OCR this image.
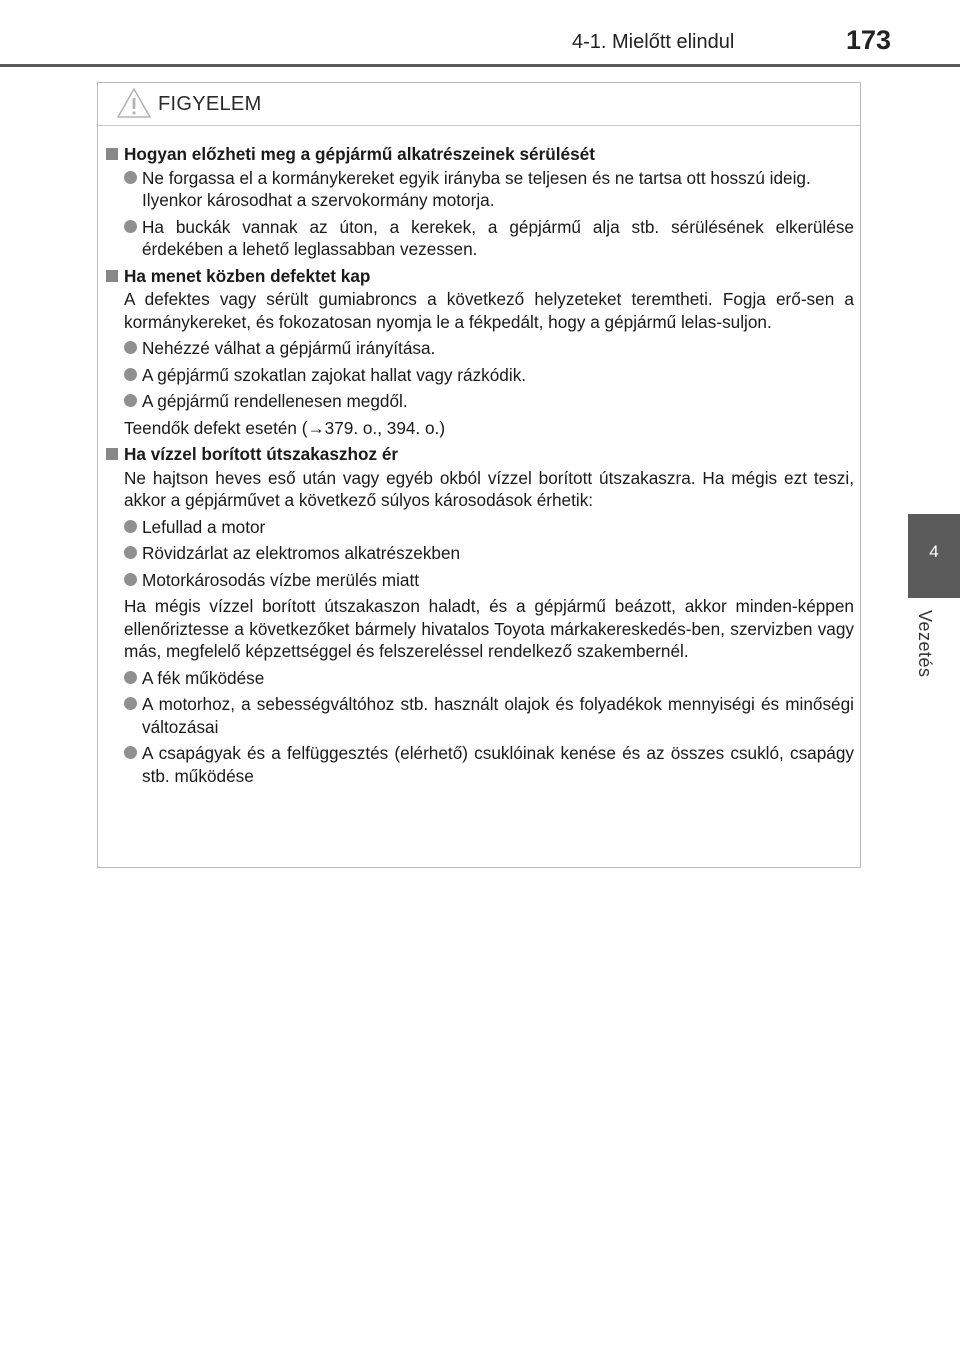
4-1. Mielőtt elindul	173
4
Vezetés
FIGYELEM
Hogyan előzheti meg a gépjármű alkatrészeinek sérülését
Ne forgassa el a kormánykereket egyik irányba se teljesen és ne tartsa ott hosszú ideig.
Ilyenkor károsodhat a szervokormány motorja.
Ha buckák vannak az úton, a kerekek, a gépjármű alja stb. sérülésének elkerülése érdekében a lehető leglassabban vezessen.
Ha menet közben defektet kap
A defektes vagy sérült gumiabroncs a következő helyzeteket teremtheti. Fogja erő-sen a kormánykereket, és fokozatosan nyomja le a fékpedált, hogy a gépjármű lelas-suljon.
Nehézzé válhat a gépjármű irányítása.
A gépjármű szokatlan zajokat hallat vagy rázkódik.
A gépjármű rendellenesen megdől.
Teendők defekt esetén (→379. o., 394. o.)
Ha vízzel borított útszakaszhoz ér
Ne hajtson heves eső után vagy egyéb okból vízzel borított útszakaszra. Ha mégis ezt teszi, akkor a gépjárművet a következő súlyos károsodások érhetik:
Lefullad a motor
Rövidzárlat az elektromos alkatrészekben
Motorkárosodás vízbe merülés miatt
Ha mégis vízzel borított útszakaszon haladt, és a gépjármű beázott, akkor minden-képpen ellenőriztesse a következőket bármely hivatalos Toyota márkakereskedés-ben, szervizben vagy más, megfelelő képzettséggel és felszereléssel rendelkező szakembernél.
A fék működése
A motorhoz, a sebességváltóhoz stb. használt olajok és folyadékok mennyiségi és minőségi változásai
A csapágyak és a felfüggesztés (elérhető) csuklóinak kenése és az összes csukló, csapágy stb. működése
